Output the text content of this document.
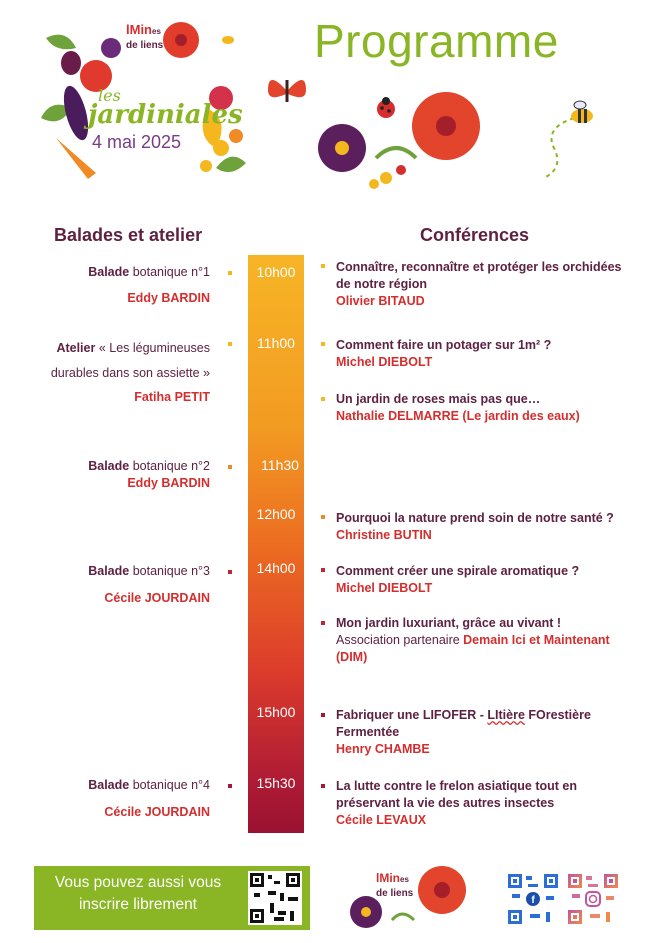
lMines
de liens
les
jardiniales
4 mai 2025
Programme
Balades et atelier	Conférences
10h00
11h00
11h30
12h00
14h00
15h00
15h30
Balade botanique n°1
Eddy BARDIN
Atelier « Les légumineuses
durables dans son assiette »
Fatiha PETIT
Balade botanique n°2
Eddy BARDIN
Balade botanique n°3
Cécile JOURDAIN
Balade botanique n°4
Cécile JOURDAIN
Connaître, reconnaître et protéger les orchidées de notre région
Olivier BITAUD
Comment faire un potager sur 1m² ?
Michel DIEBOLT
Un jardin de roses mais pas que…
Nathalie DELMARRE (Le jardin des eaux)
Pourquoi la nature prend soin de notre santé ?
Christine BUTIN
Comment créer une spirale aromatique ?
Michel DIEBOLT
Mon jardin luxuriant, grâce au vivant !
Association partenaire Demain Ici et Maintenant (DIM)
Fabriquer une LIFOFER - LItière FOrestière Fermentée
Henry CHAMBE
La lutte contre le frelon asiatique tout en préservant la vie des autres insectes
Cécile LEVAUX
Vous pouvez aussi vous inscrire librement
lMines
de liens
f
